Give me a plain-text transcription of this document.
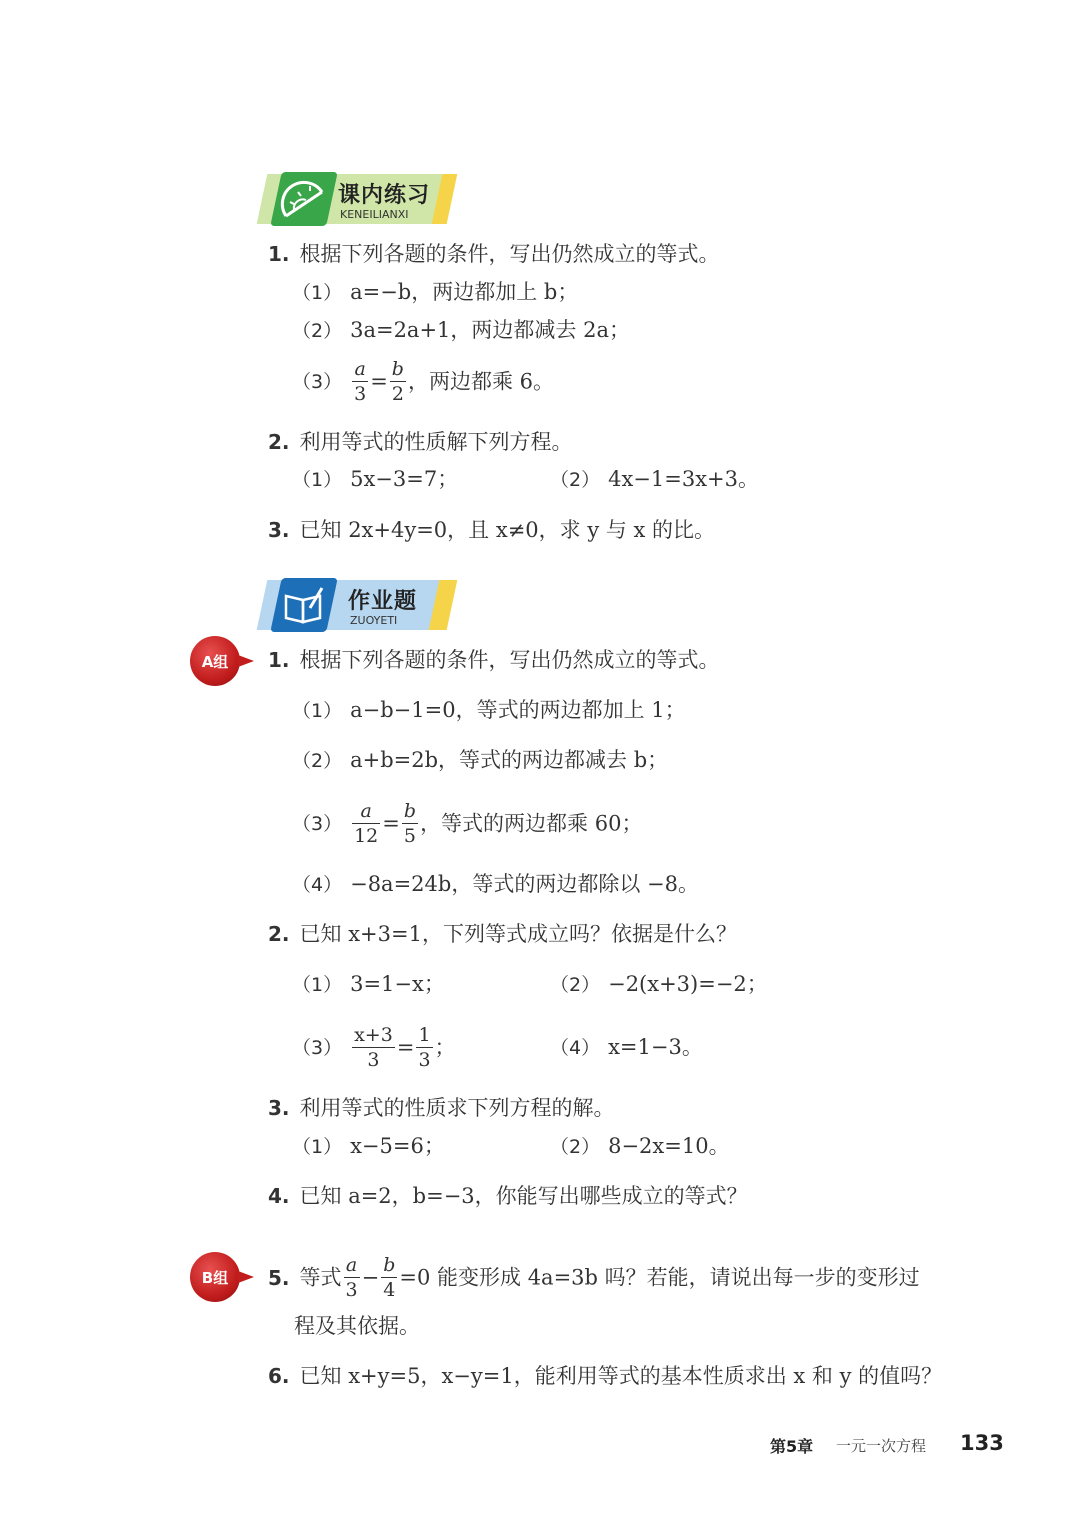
课内练习
KENEILIANXI
1. 根据下列各题的条件，写出仍然成立的等式。
（1） a=−b，两边都加上 b；
（2） 3a=2a+1，两边都减去 2a；
$(3) \frac{a}{3} = \frac{b}{2}$ ，两边都乘 6。
2. 利用等式的性质解下列方程。
（1） 5x−3=7；	（2） 4x−1=3x+3。
3. 已知 2x+4y=0，且 x≠0，求 y 与 x 的比。
作业题
ZUOYETI
A组	1. 根据下列各题的条件，写出仍然成立的等式。
（1） a−b−1=0，等式的两边都加上 1；
（2） a+b=2b，等式的两边都减去 b；
$(3) \frac{a}{12} = \frac{b}{5}$ ，等式的两边都乘 60；
（4） −8a=24b，等式的两边都除以 −8。
2. 已知 x+3=1，下列等式成立吗？依据是什么？
（1） 3=1−x；	（2） −2(x+3)=−2；
$(3) \frac{x+3}{3} = \frac{1}{3}$ ；	（4） x=1−3。
3. 利用等式的性质求下列方程的解。
（1） x−5=6；	（2） 8−2x=10。
4. 已知 a=2，b=−3，你能写出哪些成立的等式？
B组	5. 等式 $\frac{a}{3} - \frac{b}{4} =0$ 能变形成 4a=3b 吗？若能，请说出每一步的变形过
程及其依据。
6. 已知 x+y=5，x−y=1，能利用等式的基本性质求出 x 和 y 的值吗？
第5章 一元一次方程 133
